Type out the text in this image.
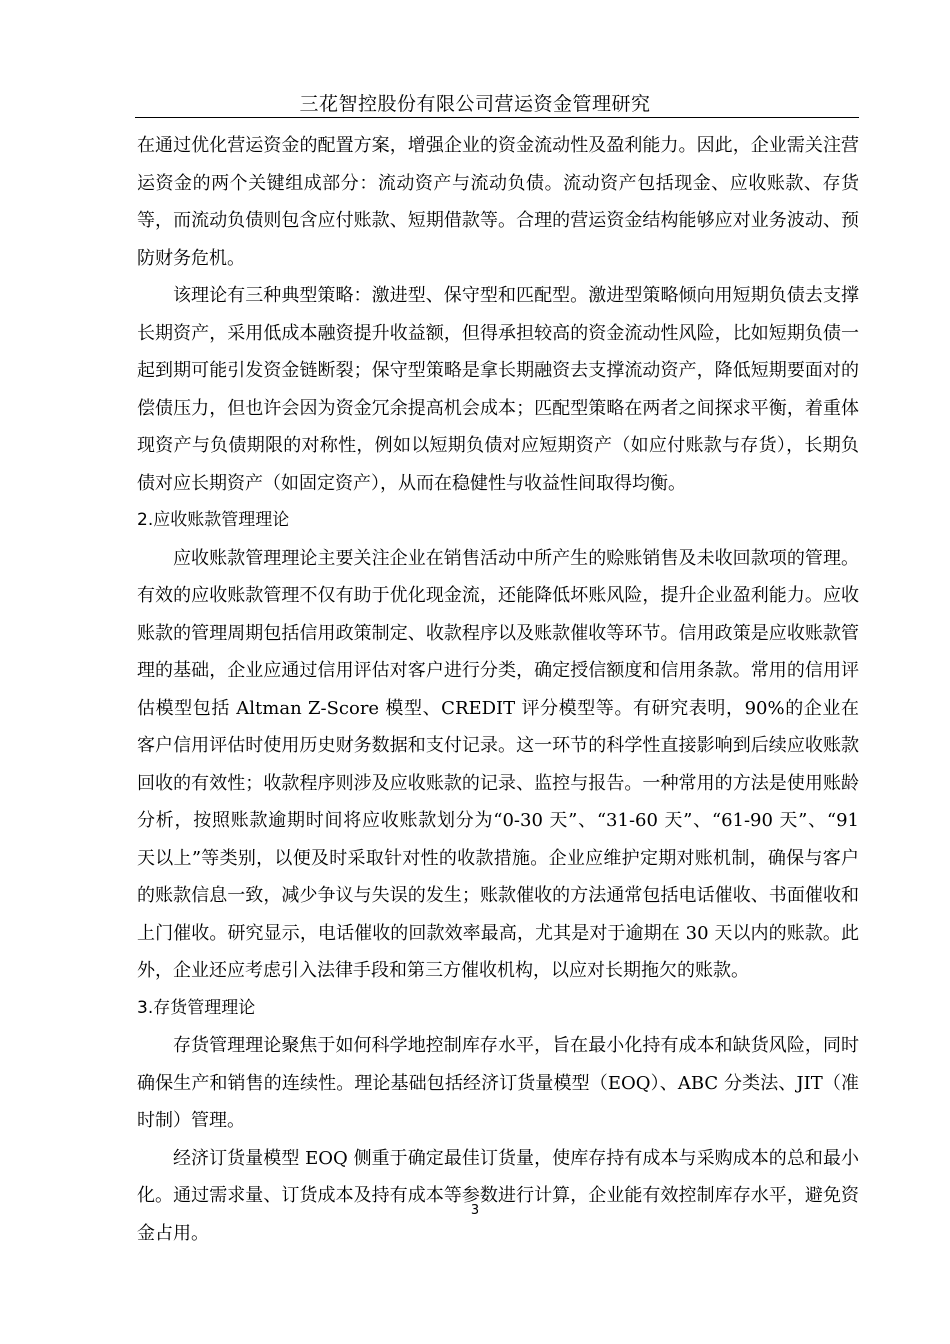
三花智控股份有限公司营运资金管理研究

在通过优化营运资金的配置方案，增强企业的资金流动性及盈利能力。因此，企业需关注营运资金的两个关键组成部分：流动资产与流动负债。流动资产包括现金、应收账款、存货等，而流动负债则包含应付账款、短期借款等。合理的营运资金结构能够应对业务波动、预防财务危机。

该理论有三种典型策略：激进型、保守型和匹配型。激进型策略倾向用短期负债去支撑长期资产，采用低成本融资提升收益额，但得承担较高的资金流动性风险，比如短期负债一起到期可能引发资金链断裂；保守型策略是拿长期融资去支撑流动资产，降低短期要面对的偿债压力，但也许会因为资金冗余提高机会成本；匹配型策略在两者之间探求平衡，着重体现资产与负债期限的对称性，例如以短期负债对应短期资产（如应付账款与存货），长期负债对应长期资产（如固定资产），从而在稳健性与收益性间取得均衡。

2.应收账款管理理论

应收账款管理理论主要关注企业在销售活动中所产生的赊账销售及未收回款项的管理。有效的应收账款管理不仅有助于优化现金流，还能降低坏账风险，提升企业盈利能力。应收账款的管理周期包括信用政策制定、收款程序以及账款催收等环节。信用政策是应收账款管理的基础，企业应通过信用评估对客户进行分类，确定授信额度和信用条款。常用的信用评估模型包括 Altman Z-Score 模型、CREDIT 评分模型等。有研究表明，90%的企业在客户信用评估时使用历史财务数据和支付记录。这一环节的科学性直接影响到后续应收账款回收的有效性；收款程序则涉及应收账款的记录、监控与报告。一种常用的方法是使用账龄分析，按照账款逾期时间将应收账款划分为“0-30 天”、“31-60 天”、“61-90 天”、“91 天以上”等类别，以便及时采取针对性的收款措施。企业应维护定期对账机制，确保与客户的账款信息一致，减少争议与失误的发生；账款催收的方法通常包括电话催收、书面催收和上门催收。研究显示，电话催收的回款效率最高，尤其是对于逾期在 30 天以内的账款。此外，企业还应考虑引入法律手段和第三方催收机构，以应对长期拖欠的账款。

3.存货管理理论

存货管理理论聚焦于如何科学地控制库存水平，旨在最小化持有成本和缺货风险，同时确保生产和销售的连续性。理论基础包括经济订货量模型（EOQ）、ABC 分类法、JIT（准时制）管理。

经济订货量模型 EOQ 侧重于确定最佳订货量，使库存持有成本与采购成本的总和最小化。通过需求量、订货成本及持有成本等参数进行计算，企业能有效控制库存水平，避免资金占用。

3
